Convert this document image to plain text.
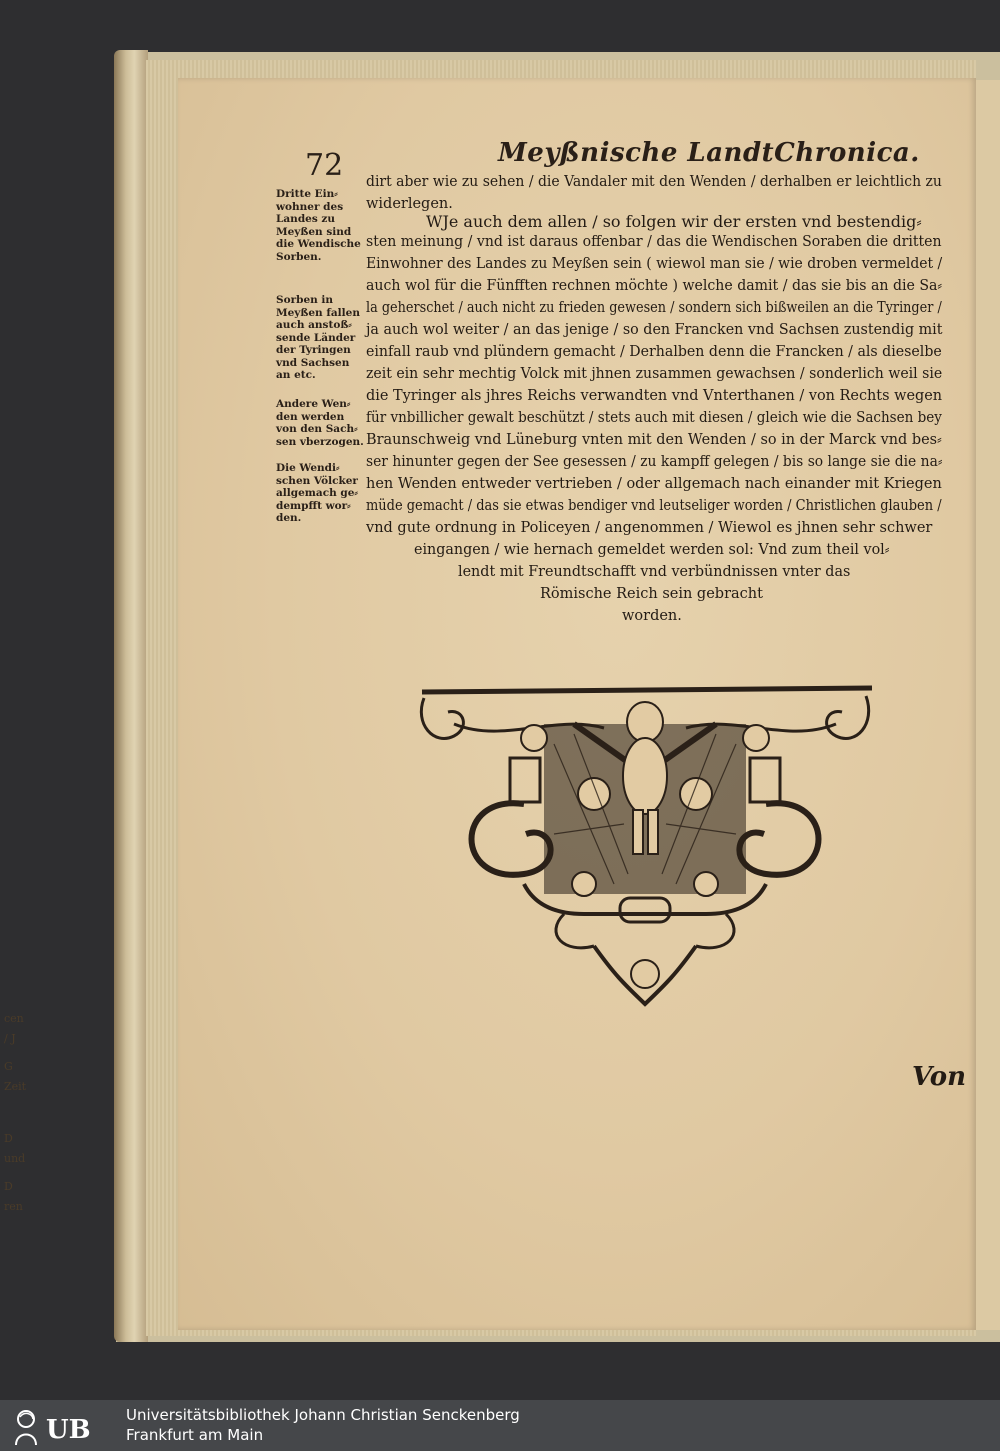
72	Meyßnische LandtChronica.

Dritte Ein⸗
wohner des
Landes zu
Meyßen sind
die Wendische
Sorben.
Sorben in
Meyßen fallen
auch anstoß⸗
sende Länder
der Tyringen
vnd Sachsen
an etc.
Andere Wen⸗
den werden
von den Sach⸗
sen vberzogen.
Die Wendi⸗
schen Völcker
allgemach ge⸗
dempfft wor⸗
den.
dirt aber wie zu sehen / die Vandaler mit den Wenden / derhalben er leichtlich zu
widerlegen.
WJe auch dem allen / so folgen wir der ersten vnd bestendig⸗
sten meinung / vnd ist daraus offenbar / das die Wendischen Soraben die dritten
Einwohner des Landes zu Meyßen sein ( wiewol man sie / wie droben vermeldet /
auch wol für die Fünfften rechnen möchte ) welche damit / das sie bis an die Sa⸗
la geherschet / auch nicht zu frieden gewesen / sondern sich bißweilen an die Tyringer /
ja auch wol weiter / an das jenige / so den Francken vnd Sachsen zustendig mit
einfall raub vnd plündern gemacht / Derhalben denn die Francken / als dieselbe
zeit ein sehr mechtig Volck mit jhnen zusammen gewachsen / sonderlich weil sie
die Tyringer als jhres Reichs verwandten vnd Vnterthanen / von Rechts wegen
für vnbillicher gewalt beschützt / stets auch mit diesen / gleich wie die Sachsen bey
Braunschweig vnd Lüneburg vnten mit den Wenden / so in der Marck vnd bes⸗
ser hinunter gegen der See gesessen / zu kampff gelegen / bis so lange sie die na⸗
hen Wenden entweder vertrieben / oder allgemach nach einander mit Kriegen
müde gemacht / das sie etwas bendiger vnd leutseliger worden / Christlichen glauben /
vnd gute ordnung in Policeyen / angenommen / Wiewol es jhnen sehr schwer
eingangen / wie hernach gemeldet werden sol: Vnd zum theil vol⸗
lendt mit Freundtschafft vnd verbündnissen vnter das
Römische Reich sein gebracht
worden.

Von

cen
/ J
G
Zeit
D
und
D
ren
UB Universitätsbibliothek Johann Christian Senckenberg

Frankfurt am Main
